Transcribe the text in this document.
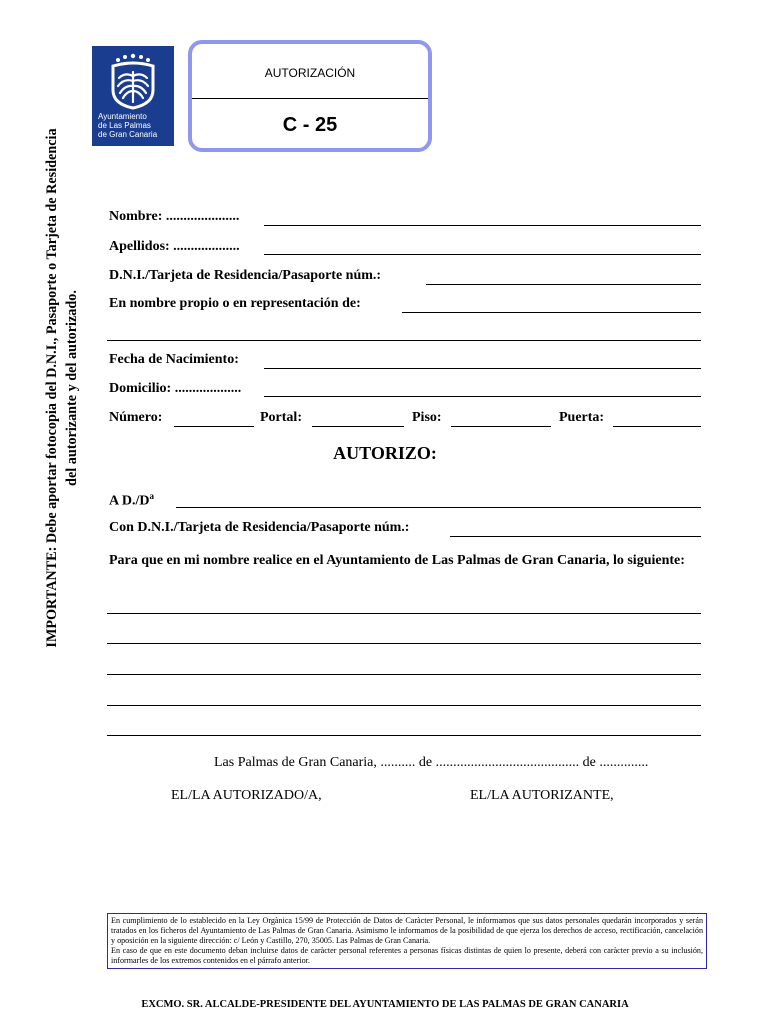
Ayuntamiento
de Las Palmas
de Gran Canaria
AUTORIZACIÓN
C - 25
IMPORTANTE: Debe aportar fotocopia del D.N.I., Pasaporte o Tarjeta de Residencia del autorizante y del autorizado.
Nombre: .....................
Apellidos: ...................
D.N.I./Tarjeta de Residencia/Pasaporte núm.:
En nombre propio o en representación de:
Fecha de Nacimiento:
Domicilio: ...................
Número:	Portal:	Piso:	Puerta:
AUTORIZO:
A $D./D^a$
Con D.N.I./Tarjeta de Residencia/Pasaporte núm.:
Para que en mi nombre realice en el Ayuntamiento de Las Palmas de Gran Canaria, lo siguiente:
Las Palmas de Gran Canaria, .......... de ......................................... de ..............
EL/LA AUTORIZADO/A,	EL/LA AUTORIZANTE,

En cumplimiento de lo establecido en la Ley Orgànica 15/99 de Protección de Datos de Caràcter Personal, le informamos que sus datos personales quedarán incorporados y serán tratados en los ficheros del Ayuntamiento de Las Palmas de Gran Canaria. Asimismo le informamos de la posibilidad de que ejerza los derechos de acceso, rectificación, cancelación y oposición en la siguiente dirección: c/ León y Castillo, 270, 35005. Las Palmas de Gran Canaria.

En caso de que en este documento deban incluirse datos de caràcter personal referentes a personas físicas distintas de quien lo presente, deberá con caràcter previo a su inclusión, informarles de los extremos contenidos en el párrafo anterior.

EXCMO. SR. ALCALDE-PRESIDENTE DEL AYUNTAMIENTO DE LAS PALMAS DE GRAN CANARIA
